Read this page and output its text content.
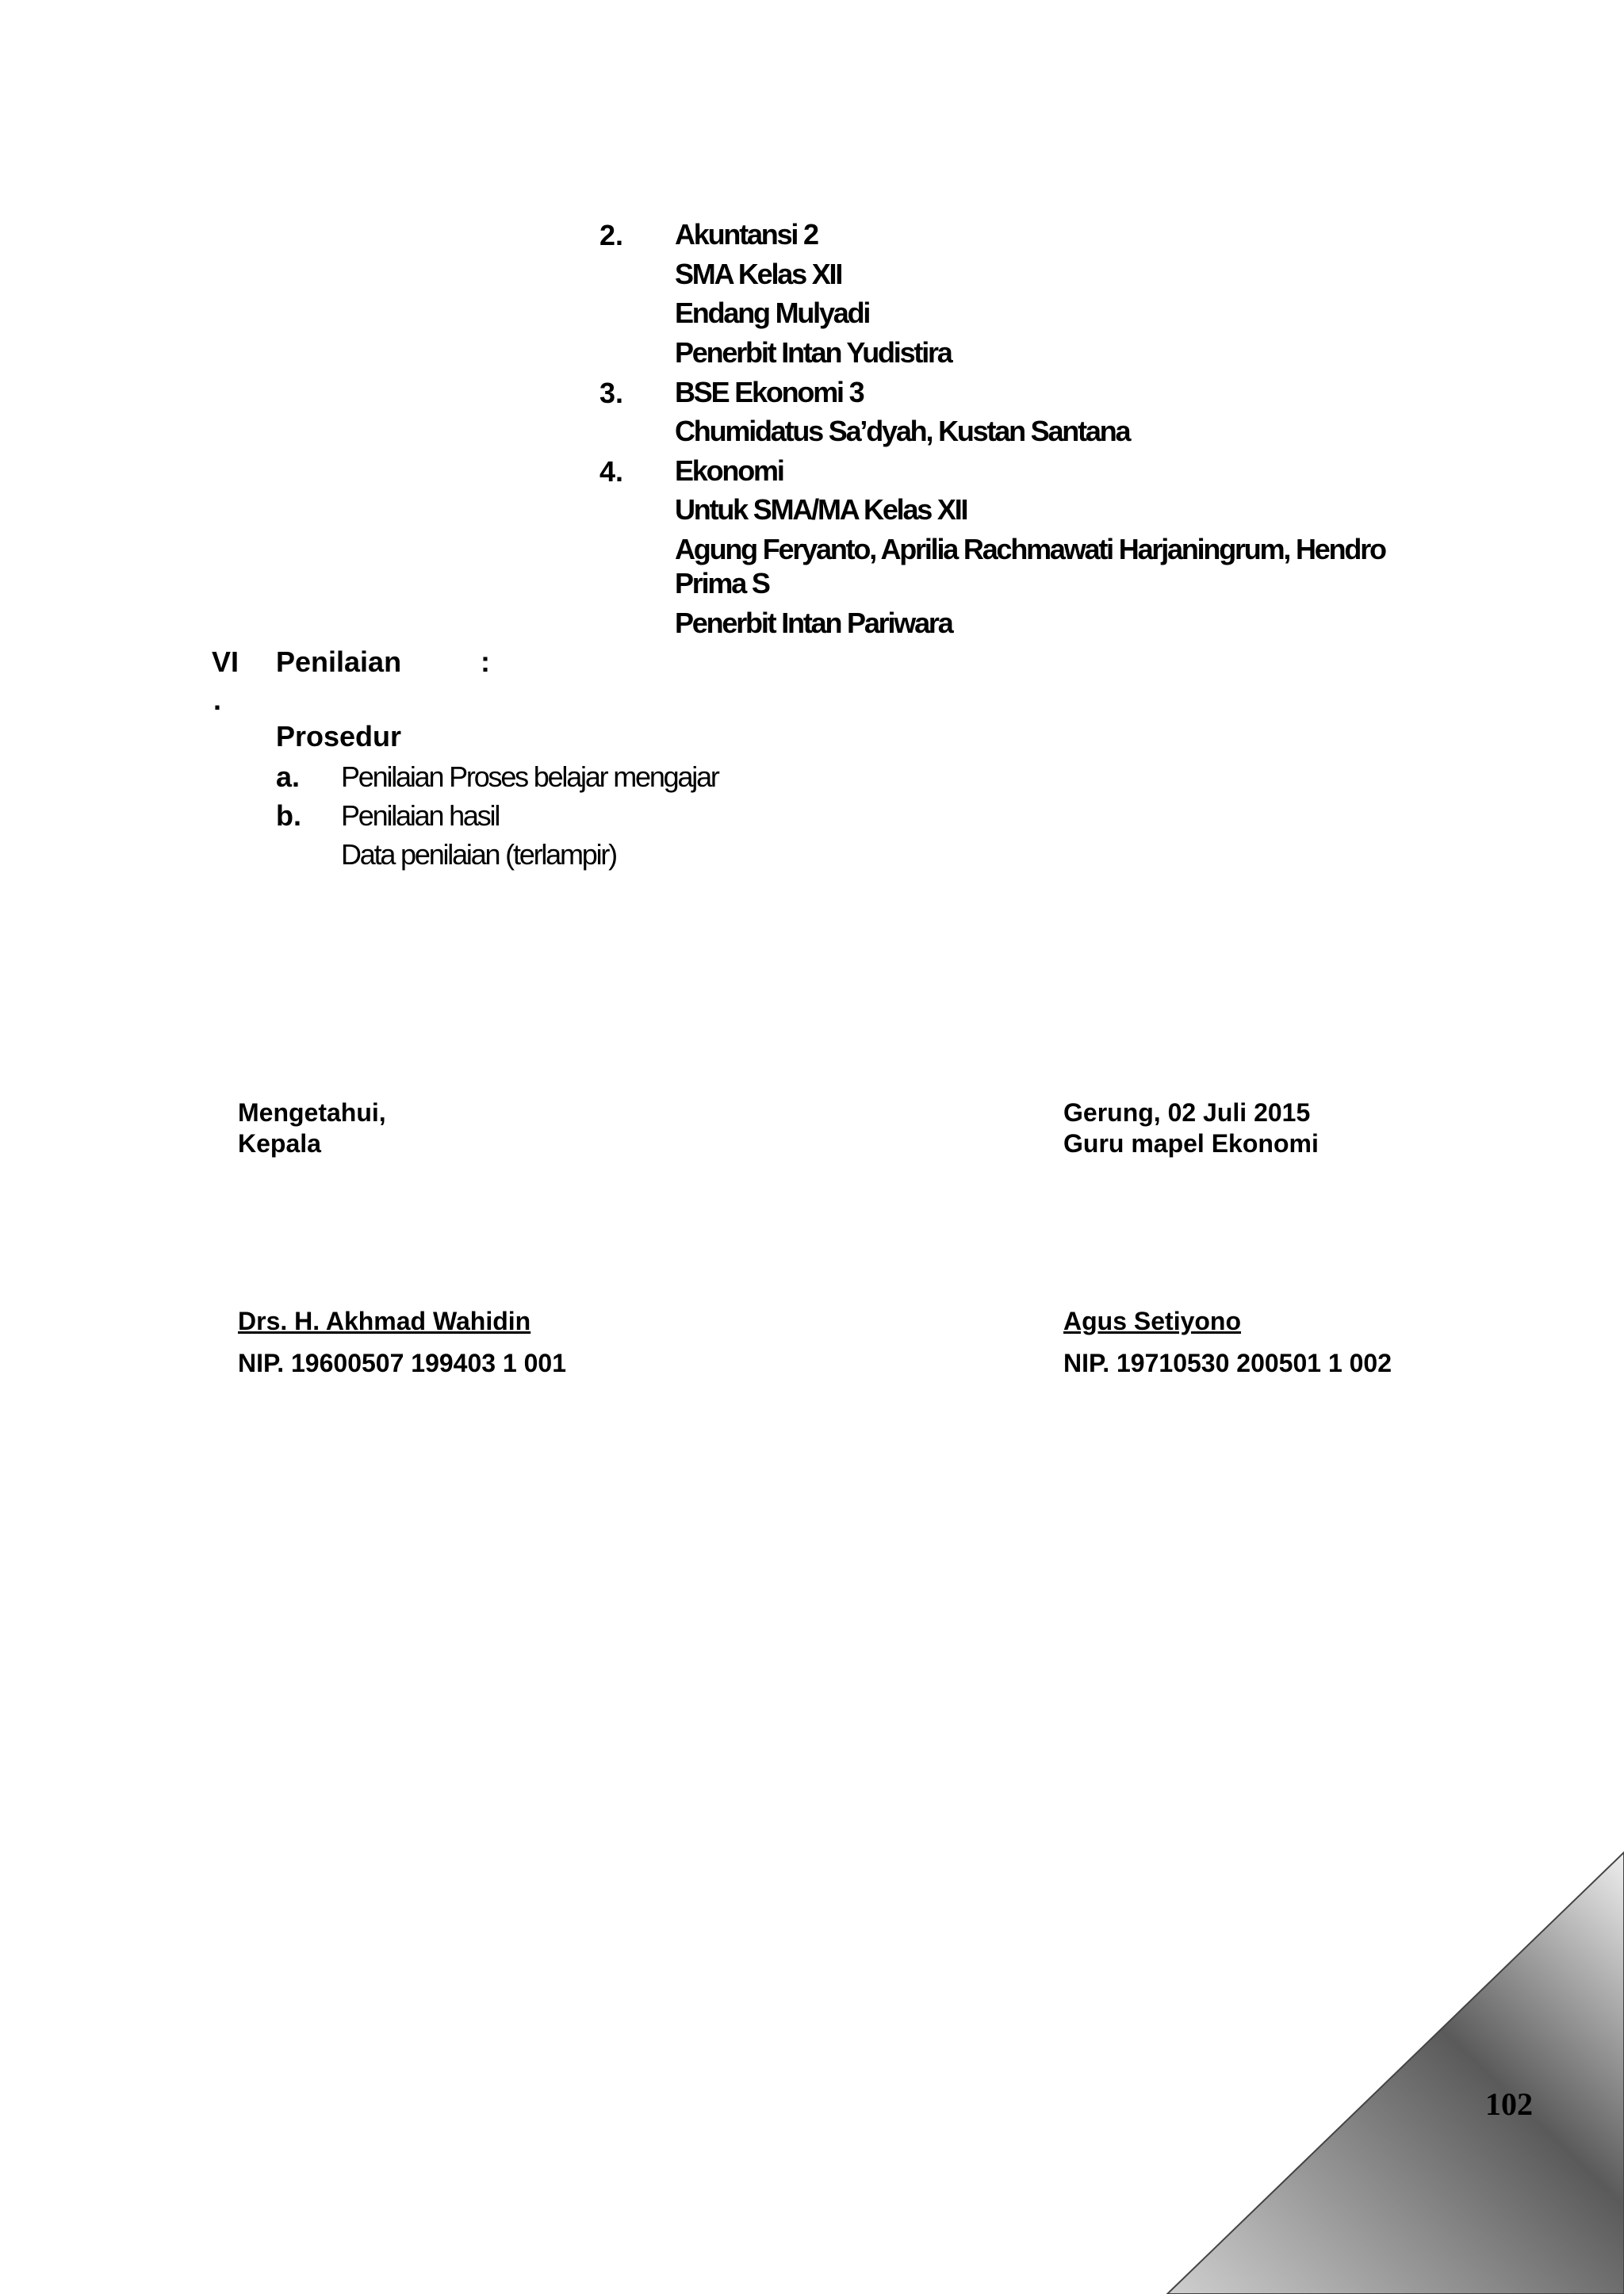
2. Akuntansi 2
SMA Kelas XII
Endang Mulyadi
Penerbit Intan Yudistira
3. BSE Ekonomi 3
Chumidatus Sa’dyah, Kustan Santana
4. Ekonomi
Untuk SMA/MA Kelas XII
Agung Feryanto, Aprilia Rachmawati Harjaningrum, Hendro
Prima S
Penerbit Intan Pariwara
VI
.
Penilaian	:
Prosedur
a. Penilaian Proses belajar mengajar
b. Penilaian hasil
Data penilaian (terlampir)
Mengetahui,
Kepala
Drs. H. Akhmad Wahidin
NIP. 19600507 199403 1 001
Gerung, 02 Juli 2015
Guru mapel Ekonomi
Agus Setiyono
NIP. 19710530 200501 1 002
102
